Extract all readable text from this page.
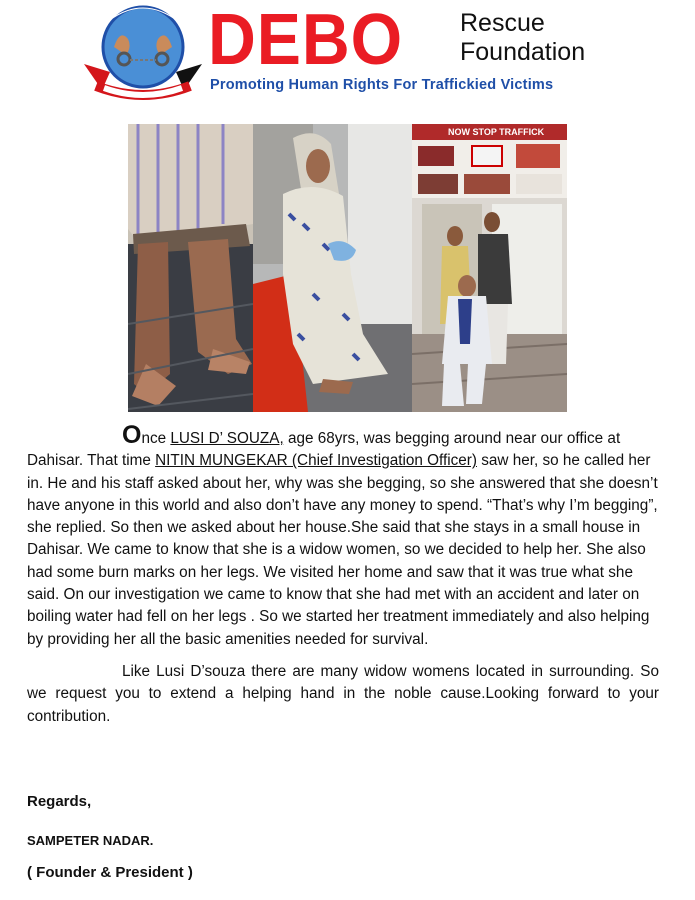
DEBO Rescue
Foundation
Promoting Human Rights For Traffickied Victims
NOW STOP TRAFFICK

Once LUSI D’ SOUZA, age 68yrs, was begging around near our office at Dahisar. That time NITIN MUNGEKAR (Chief Investigation Officer) saw her, so he called her in. He and his staff asked about her, why was she begging, so she answered that she doesn’t have anyone in this world and also don’t have any money to spend. “That’s why I’m begging”, she replied. So then we asked about her house.She said that she stays in a small house in Dahisar. We came to know that she is a widow women, so we decided to help her. She also had some burn marks on her legs. We visited her home and saw that it was true what she said. On our investigation we came to know that she had met with an accident and later on boiling water had fell on her legs . So we started her treatment immediately and also helping by providing her all the basic amenities needed for survival.

Like Lusi D’souza there are many widow womens located in surrounding. So we request you to extend a helping hand in the noble cause.Looking forward to your contribution.

Regards,
SAMPETER NADAR.
( Founder & President )
